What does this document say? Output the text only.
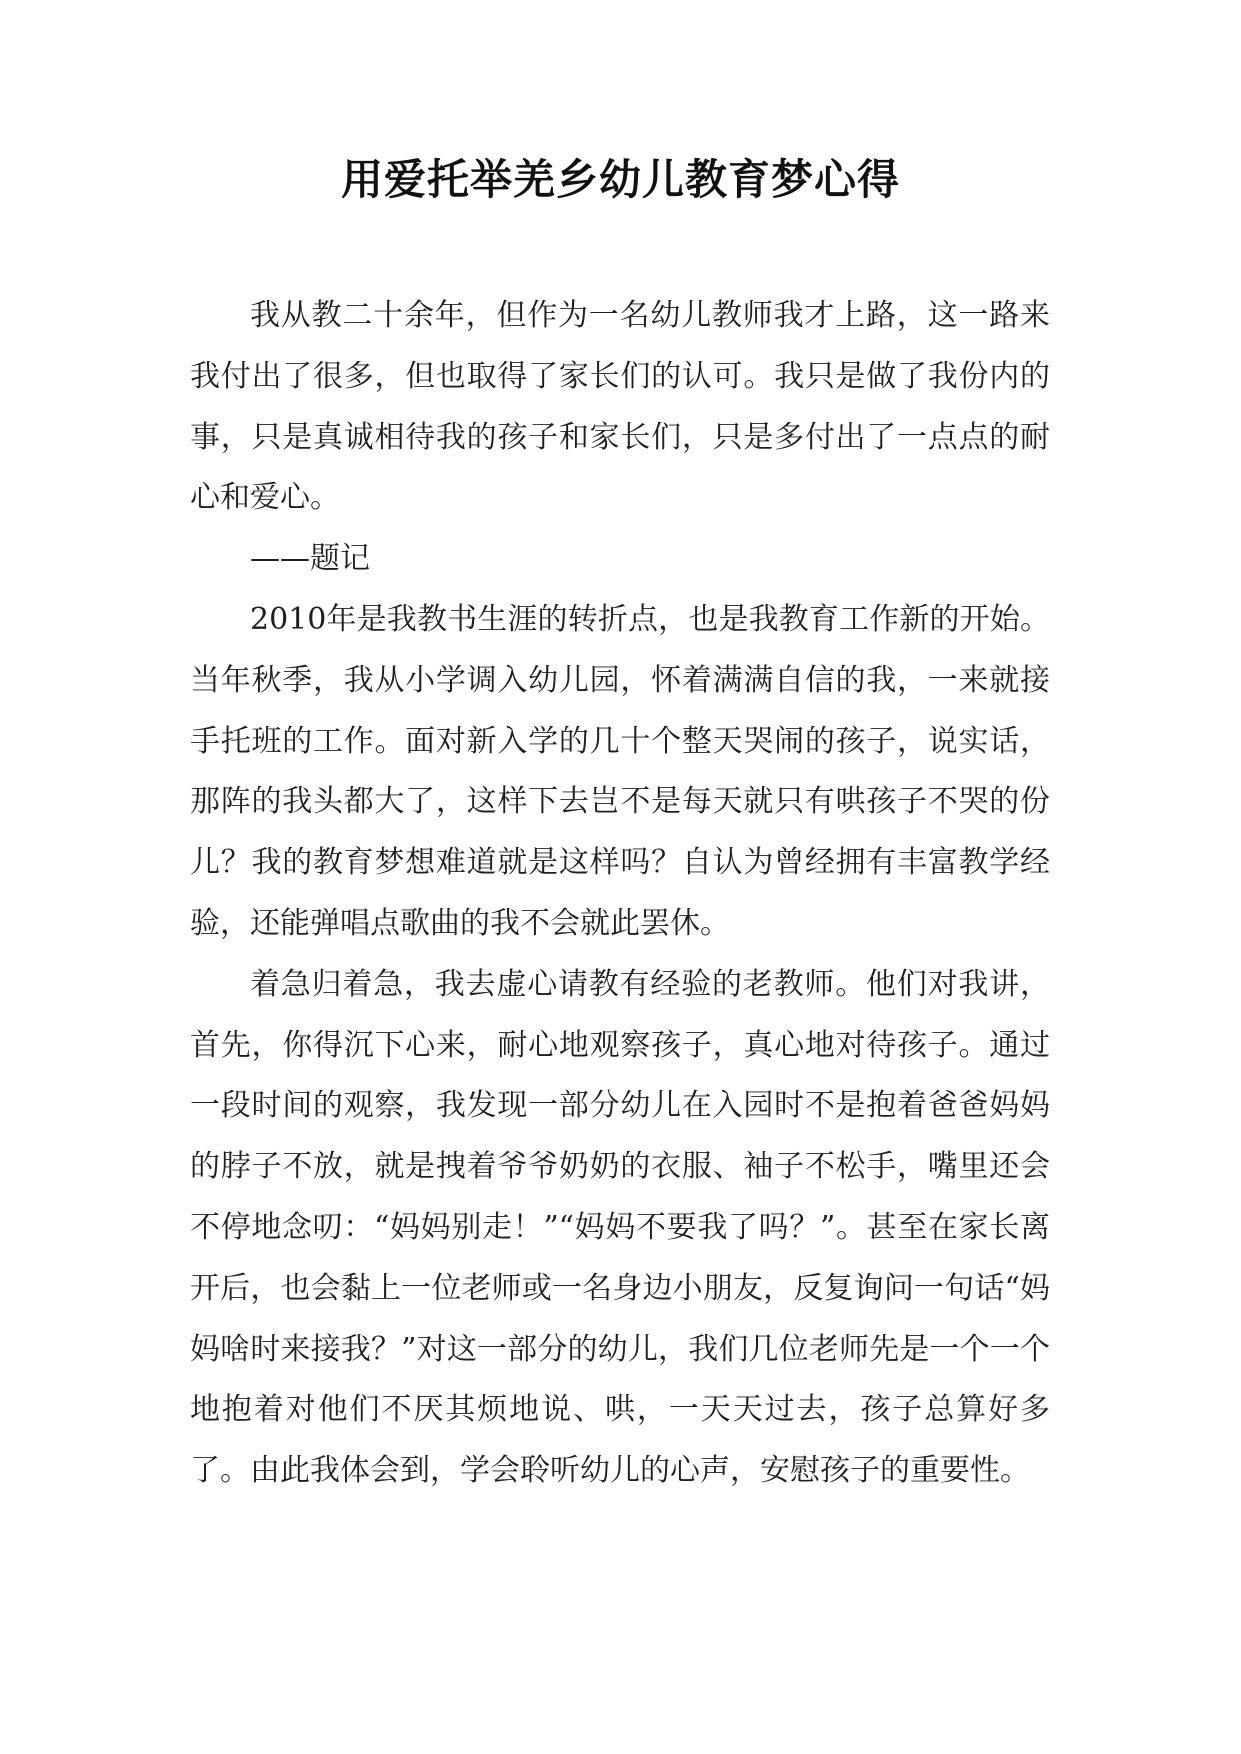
用爱托举羌乡幼儿教育梦心得

我从教二十余年，但作为一名幼儿教师我才上路，这一路来我付出了很多，但也取得了家长们的认可。我只是做了我份内的事，只是真诚相待我的孩子和家长们，只是多付出了一点点的耐心和爱心。

——题记

2010年是我教书生涯的转折点，也是我教育工作新的开始。当年秋季，我从小学调入幼儿园，怀着满满自信的我，一来就接手托班的工作。面对新入学的几十个整天哭闹的孩子，说实话，那阵的我头都大了，这样下去岂不是每天就只有哄孩子不哭的份儿？我的教育梦想难道就是这样吗？自认为曾经拥有丰富教学经验，还能弹唱点歌曲的我不会就此罢休。

着急归着急，我去虚心请教有经验的老教师。他们对我讲，首先，你得沉下心来，耐心地观察孩子，真心地对待孩子。通过一段时间的观察，我发现一部分幼儿在入园时不是抱着爸爸妈妈的脖子不放，就是拽着爷爷奶奶的衣服、袖子不松手，嘴里还会不停地念叨：“妈妈别走！”“妈妈不要我了吗？”。甚至在家长离开后，也会黏上一位老师或一名身边小朋友，反复询问一句话“妈妈啥时来接我？”对这一部分的幼儿，我们几位老师先是一个一个地抱着对他们不厌其烦地说、哄，一天天过去，孩子总算好多了。由此我体会到，学会聆听幼儿的心声，安慰孩子的重要性。
